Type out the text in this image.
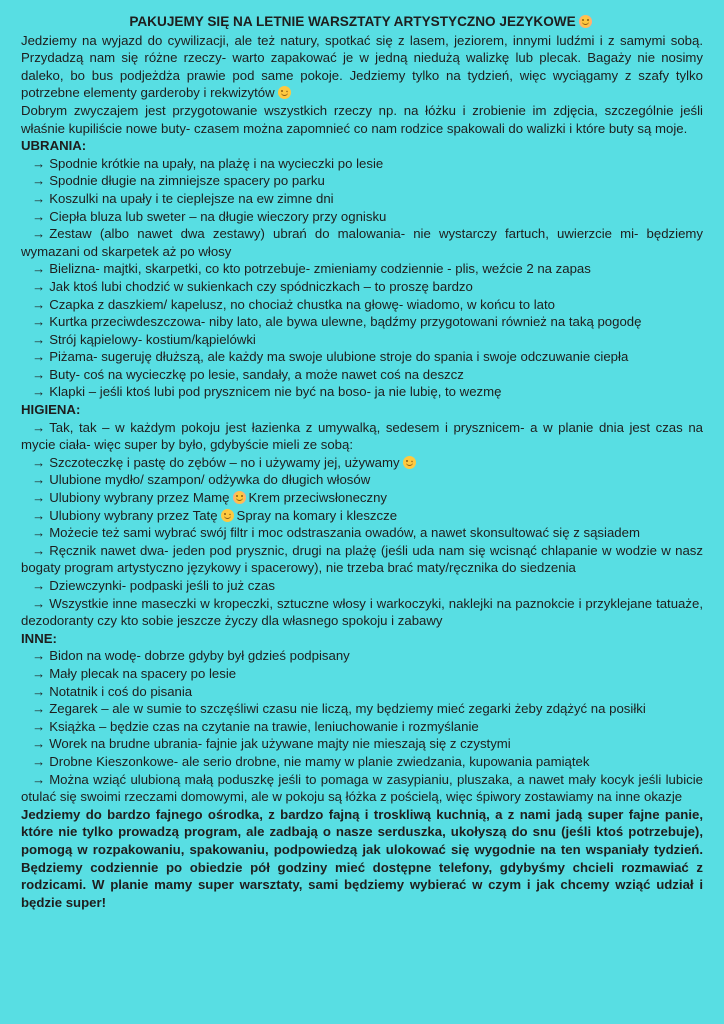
PAKUJEMY SIĘ NA LETNIE WARSZTATY ARTYSTYCZNO JEZYKOWE

Jedziemy na wyjazd do cywilizacji, ale też natury, spotkać się z lasem, jeziorem, innymi ludźmi i z samymi sobą. Przydadzą nam się różne rzeczy- warto zapakować je w jedną niedużą walizkę lub plecak. Bagaży nie nosimy daleko, bo bus podjeżdża prawie pod same pokoje. Jedziemy tylko na tydzień, więc wyciągamy z szafy tylko potrzebne elementy garderoby i rekwizytów

Dobrym zwyczajem jest przygotowanie wszystkich rzeczy np. na łóżku i zrobienie im zdjęcia, szczególnie jeśli właśnie kupiliście nowe buty- czasem można zapomnieć co nam rodzice spakowali do walizki i które buty są moje.

UBRANIA:

→ Spodnie krótkie na upały, na plażę i na wycieczki po lesie

→ Spodnie długie na zimniejsze spacery po parku

→ Koszulki na upały i te cieplejsze na ew zimne dni

→ Ciepła bluza lub sweter – na długie wieczory przy ognisku

→ Zestaw (albo nawet dwa zestawy) ubrań do malowania- nie wystarczy fartuch, uwierzcie mi- będziemy wymazani od skarpetek aż po włosy

→ Bielizna- majtki, skarpetki, co kto potrzebuje- zmieniamy codziennie - plis, weźcie 2 na zapas

→ Jak ktoś lubi chodzić w sukienkach czy spódniczkach – to proszę bardzo

→ Czapka z daszkiem/ kapelusz, no chociaż chustka na głowę- wiadomo, w końcu to lato

→ Kurtka przeciwdeszczowa- niby lato, ale bywa ulewne, bądźmy przygotowani również na taką pogodę

→ Strój kąpielowy- kostium/kąpielówki

→ Piżama- sugeruję dłuższą, ale każdy ma swoje ulubione stroje do spania i swoje odczuwanie ciepła

→ Buty- coś na wycieczkę po lesie, sandały, a może nawet coś na deszcz

→ Klapki – jeśli ktoś lubi pod prysznicem nie być na boso- ja nie lubię, to wezmę

HIGIENA:

→ Tak, tak – w każdym pokoju jest łazienka z umywalką, sedesem i prysznicem- a w planie dnia jest czas na mycie ciała- więc super by było, gdybyście mieli ze sobą:

→ Szczoteczkę i pastę do zębów – no i używamy jej, używamy

→ Ulubione mydło/ szampon/ odżywka do długich włosów

→ Ulubiony wybrany przez Mamę Krem przeciwsłoneczny

→ Ulubiony wybrany przez Tatę Spray na komary i kleszcze

→ Możecie też sami wybrać swój filtr i moc odstraszania owadów, a nawet skonsultować się z sąsiadem

→ Ręcznik nawet dwa- jeden pod prysznic, drugi na plażę (jeśli uda nam się wcisnąć chlapanie w wodzie w nasz bogaty program artystyczno językowy i spacerowy), nie trzeba brać maty/ręcznika do siedzenia

→ Dziewczynki- podpaski jeśli to już czas

→ Wszystkie inne maseczki w kropeczki, sztuczne włosy i warkoczyki, naklejki na paznokcie i przyklejane tatuaże, dezodoranty czy kto sobie jeszcze życzy dla własnego spokoju i zabawy

INNE:

→ Bidon na wodę- dobrze gdyby był gdzieś podpisany

→ Mały plecak na spacery po lesie

→ Notatnik i coś do pisania

→ Zegarek – ale w sumie to szczęśliwi czasu nie liczą, my będziemy mieć zegarki żeby zdążyć na posiłki

→ Książka – będzie czas na czytanie na trawie, leniuchowanie i rozmyślanie

→ Worek na brudne ubrania- fajnie jak używane majty nie mieszają się z czystymi

→ Drobne Kieszonkowe- ale serio drobne, nie mamy w planie zwiedzania, kupowania pamiątek

→ Można wziąć ulubioną małą poduszkę jeśli to pomaga w zasypianiu, pluszaka, a nawet mały kocyk jeśli lubicie otulać się swoimi rzeczami domowymi, ale w pokoju są łóżka z pościelą, więc śpiwory zostawiamy na inne okazje

Jedziemy do bardzo fajnego ośrodka, z bardzo fajną i troskliwą kuchnią, a z nami jadą super fajne panie, które nie tylko prowadzą program, ale zadbają o nasze serduszka, ukołyszą do snu (jeśli ktoś potrzebuje), pomogą w rozpakowaniu, spakowaniu, podpowiedzą jak ulokować się wygodnie na ten wspaniały tydzień. Będziemy codziennie po obiedzie pół godziny mieć dostępne telefony, gdybyśmy chcieli rozmawiać z rodzicami. W planie mamy super warsztaty, sami będziemy wybierać w czym i jak chcemy wziąć udział i będzie super!
